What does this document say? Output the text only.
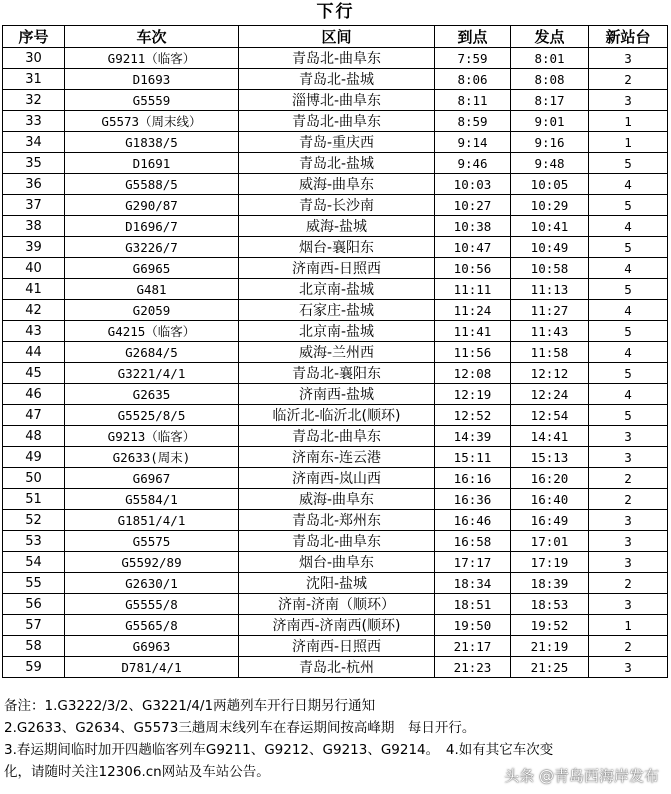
下行
序号	车次	区间	到点	发点	新站台
30	G9211（临客）	青岛北-曲阜东	7:59	8:01	3
31	D1693	青岛北-盐城	8:06	8:08	2
32	G5559	淄博北-曲阜东	8:11	8:17	3
33	G5573（周末线）	青岛北-曲阜东	8:59	9:01	1
34	G1838/5	青岛-重庆西	9:14	9:16	1
35	D1691	青岛北-盐城	9:46	9:48	5
36	G5588/5	威海-曲阜东	10:03	10:05	4
37	G290/87	青岛-长沙南	10:27	10:29	5
38	D1696/7	威海-盐城	10:38	10:41	4
39	G3226/7	烟台-襄阳东	10:47	10:49	5
40	G6965	济南西-日照西	10:56	10:58	4
41	G481	北京南-盐城	11:11	11:13	5
42	G2059	石家庄-盐城	11:24	11:27	4
43	G4215（临客）	北京南-盐城	11:41	11:43	5
44	G2684/5	威海-兰州西	11:56	11:58	4
45	G3221/4/1	青岛北-襄阳东	12:08	12:12	5
46	G2635	济南西-盐城	12:19	12:24	4
47	G5525/8/5	临沂北-临沂北(顺环)	12:52	12:54	5
48	G9213（临客）	青岛北-曲阜东	14:39	14:41	3
49	G2633(周末)	济南东-连云港	15:11	15:13	3
50	G6967	济南西-岚山西	16:16	16:20	2
51	G5584/1	威海-曲阜东	16:36	16:40	2
52	G1851/4/1	青岛北-郑州东	16:46	16:49	3
53	G5575	青岛北-曲阜东	16:58	17:01	3
54	G5592/89	烟台-曲阜东	17:17	17:19	3
55	G2630/1	沈阳-盐城	18:34	18:39	2
56	G5555/8	济南-济南（顺环）	18:51	18:53	3
57	G5565/8	济南西-济南西(顺环)	19:50	19:52	1
58	G6963	济南西-日照西	21:17	21:19	2
59	D781/4/1	青岛北-杭州	21:23	21:25	3
备注：1.G3222/3/2、G3221/4/1两趟列车开行日期另行通知
2.G2633、G2634、G5573三趟周末线列车在春运期间按高峰期　每日开行。
3.春运期间临时加开四趟临客列车G9211、G9212、G9213、G9214。　4.如有其它车次变
化，请随时关注12306.cn网站及车站公告。	头条 @青岛西海岸发布
